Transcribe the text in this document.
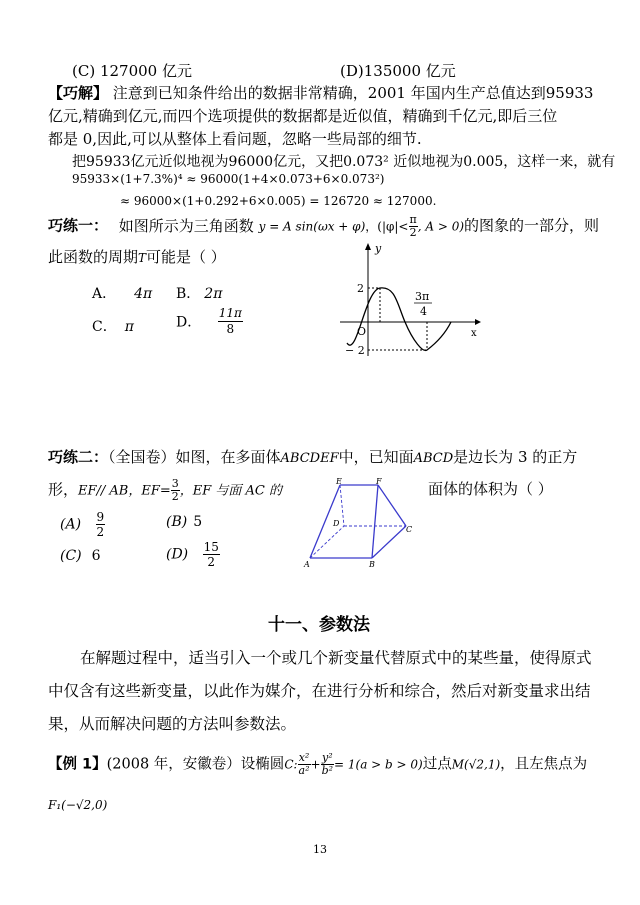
(C) 127000 亿元	(D)135000 亿元
【巧解】 注意到已知条件给出的数据非常精确，2001 年国内生产总值达到95933
亿元,精确到亿元,而四个选项提供的数据都是近似值，精确到千亿元,即后三位
都是 0,因此,可以从整体上看问题，忽略一些局部的细节.
把95933亿元近似地视为96000亿元，又把0.073² 近似地视为0.005，这样一来，就有
95933×(1+7.3%)⁴ ≈ 96000(1+4×0.073+6×0.073²)
≈ 96000×(1+0.292+6×0.005) = 126720 ≈ 127000.
巧练一： 如图所示为三角函数 y = A sin(ωx + φ)，($|\varphi|< \frac{\pi}{2}$ , A > 0)的图象的一部分，则
此函数的周期T可能是（ ）
A． 4π B． 2π
C． π	D． $\frac{11\pi}{8}$
y
x
O
2
− 2
3π
4
巧练二：（全国卷）如图，在多面体ABCDEF中，已知面ABCD是边长为 3 的正方
形，EF// AB，$EF= \frac{3}{2}$ ，EF 与面 AC 的	面体的体积为（ ）
$(A) \frac{9}{2}$	(B) 5
(C) 6	$(D) \frac{15}{2}$
E	F
D
C
A	B
十一、参数法
在解题过程中，适当引入一个或几个新变量代替原式中的某些量，使得原式
中仅含有这些新变量，以此作为媒介，在进行分析和综合，然后对新变量求出结
果，从而解决问题的方法叫参数法。
【例 1】(2008 年，安徽卷）设椭圆C: $\frac{\text{x²}}{\text{a²}} + \frac{\text{y²}}{\text{b²}} = 1(a > b > 0)$过点M(√2,1)，且左焦点为
F₁(−√2,0)
13
